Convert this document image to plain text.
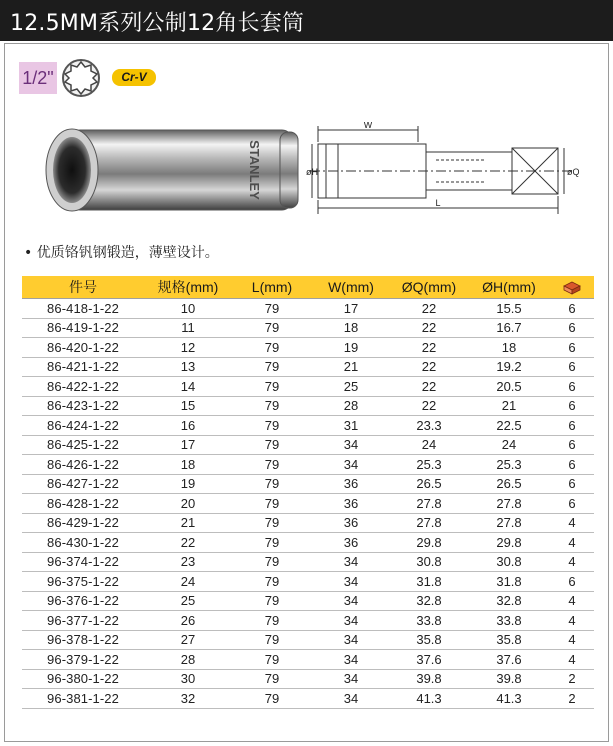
12.5MM系列公制12角长套筒
1/2"	Cr-V
STANLEY
W
øH	øQ
L
• 优质铬钒钢锻造，薄壁设计。
件号	规格(mm)	L(mm)	W(mm)	ØQ(mm)	ØH(mm)	
86-418-1-22	10	79	17	22	15.5	6
86-419-1-22	11	79	18	22	16.7	6
86-420-1-22	12	79	19	22	18	6
86-421-1-22	13	79	21	22	19.2	6
86-422-1-22	14	79	25	22	20.5	6
86-423-1-22	15	79	28	22	21	6
86-424-1-22	16	79	31	23.3	22.5	6
86-425-1-22	17	79	34	24	24	6
86-426-1-22	18	79	34	25.3	25.3	6
86-427-1-22	19	79	36	26.5	26.5	6
86-428-1-22	20	79	36	27.8	27.8	6
86-429-1-22	21	79	36	27.8	27.8	4
86-430-1-22	22	79	36	29.8	29.8	4
96-374-1-22	23	79	34	30.8	30.8	4
96-375-1-22	24	79	34	31.8	31.8	6
96-376-1-22	25	79	34	32.8	32.8	4
96-377-1-22	26	79	34	33.8	33.8	4
96-378-1-22	27	79	34	35.8	35.8	4
96-379-1-22	28	79	34	37.6	37.6	4
96-380-1-22	30	79	34	39.8	39.8	2
96-381-1-22	32	79	34	41.3	41.3	2
